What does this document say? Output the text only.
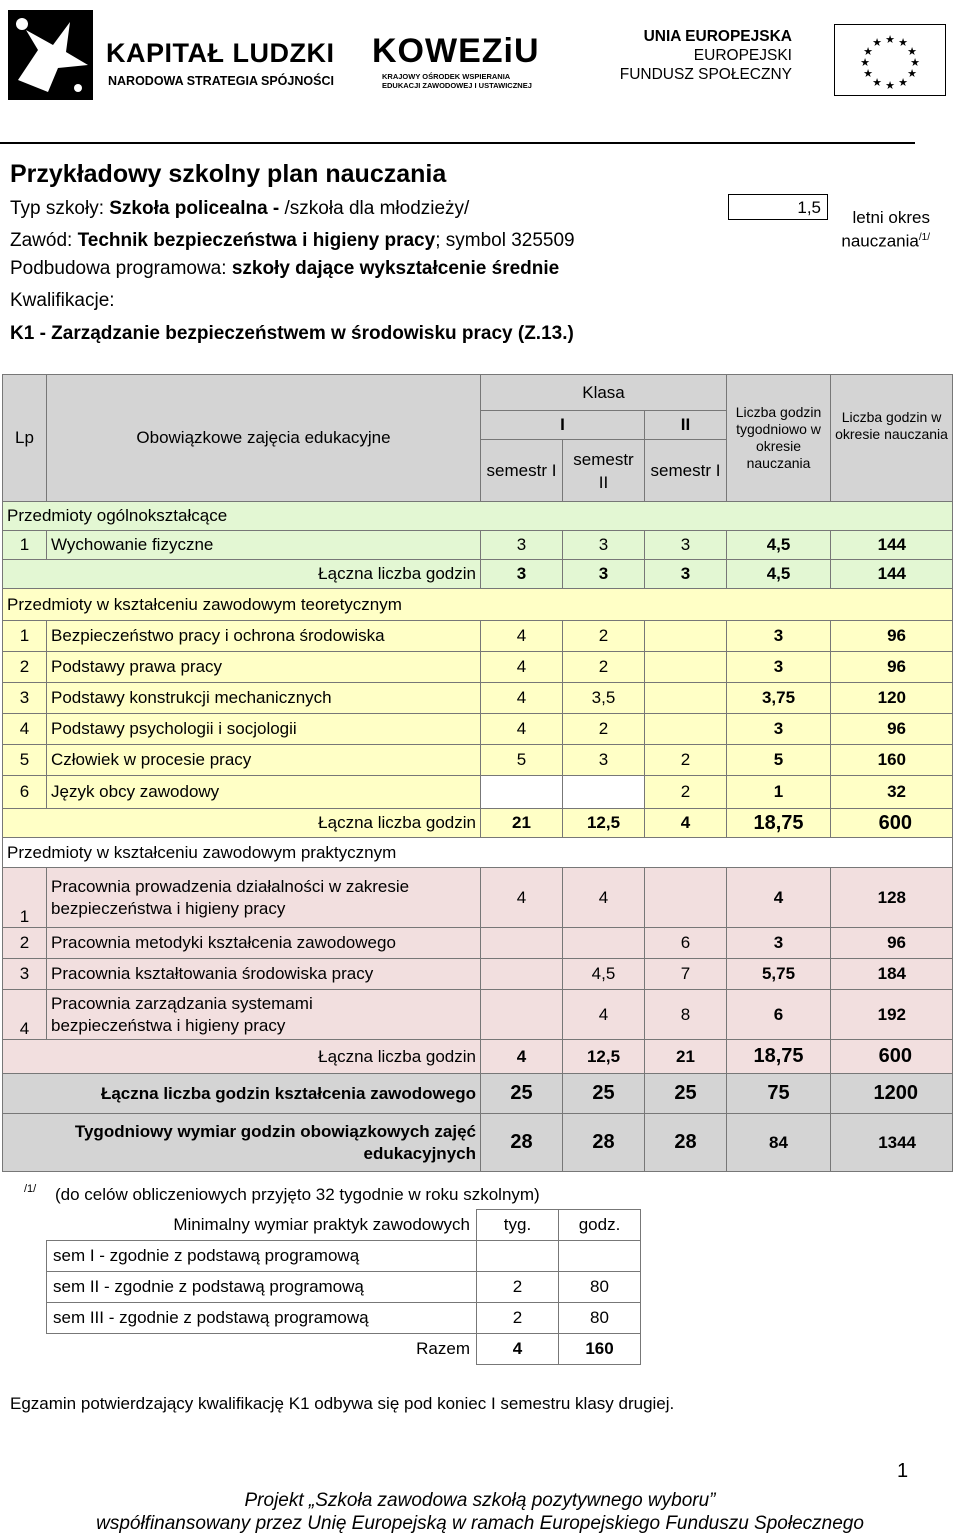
KAPITAŁ LUDZKI
NARODOWA STRATEGIA SPÓJNOŚCI
KOWEZiU
KRAJOWY OŚRODEK WSPIERANIA
EDUKACJI ZAWODOWEJ I USTAWICZNEJ
UNIA EUROPEJSKA
EUROPEJSKI
FUNDUSZ SPOŁECZNY
★ ★
★
★
★
★
★
★
★
★
★
★
Przykładowy szkolny plan nauczania
Typ szkoły: Szkoła policealna - /szkoła dla młodzieży/
Zawód: Technik bezpieczeństwa i higieny pracy; symbol 325509
Podbudowa programowa: szkoły dające wykształcenie średnie
Kwalifikacje:
K1 - Zarządzanie bezpieczeństwem w środowisku pracy (Z.13.)
1,5
letni okres
nauczania$^{/1/}$
Lp	Obowiązkowe zajęcia edukacyjne	Klasa			Liczba godzin tygodniowo w okresie nauczania	Liczba godzin w okresie nauczania
		I		II		
		semestr I	semestr II	semestr I		
Przedmioty ogólnokształcące						
1	Wychowanie fizyczne	3	3	3	4,5	144
Łączna liczba godzin		3	3	3	4,5	144
Przedmioty w kształceniu zawodowym teoretycznym						
1	Bezpieczeństwo pracy i ochrona środowiska	4	2		3	96
2	Podstawy prawa pracy	4	2		3	96
3	Podstawy konstrukcji mechanicznych	4	3,5		3,75	120
4	Podstawy psychologii i socjologii	4	2		3	96
5	Człowiek w procesie pracy	5	3	2	5	160
6	Język obcy zawodowy			2	1	32
Łączna liczba godzin		21	12,5	4	18,75	600
Przedmioty w kształceniu zawodowym praktycznym						
1	Pracownia prowadzenia działalności w zakresie
bezpieczeństwa i higieny pracy	4	4		4	128
2	Pracownia metodyki kształcenia zawodowego			6	3	96
3	Pracownia kształtowania środowiska pracy		4,5	7	5,75	184
4	Pracownia zarządzania systemami
bezpieczeństwa i higieny pracy		4	8	6	192
Łączna liczba godzin		4	12,5	21	18,75	600
Łączna liczba godzin kształcenia zawodowego		25	25	25	75	1200

Tygodniowy wymiar godzin obowiązkowych zajęć
edukacyjnych		28	28	28	84	1344
/1/ (do celów obliczeniowych przyjęto 32 tygodnie w roku szkolnym)
Minimalny wymiar praktyk zawodowych	tyg.	godz.
sem I - zgodnie z podstawą programową		
sem II - zgodnie z podstawą programową	2	80
sem III - zgodnie z podstawą programową	2	80
Razem	4	160
Egzamin potwierdzający kwalifikację K1 odbywa się pod koniec I semestru klasy drugiej.
1
Projekt „Szkoła zawodowa szkołą pozytywnego wyboru”
współfinansowany przez Unię Europejską w ramach Europejskiego Funduszu Społecznego
